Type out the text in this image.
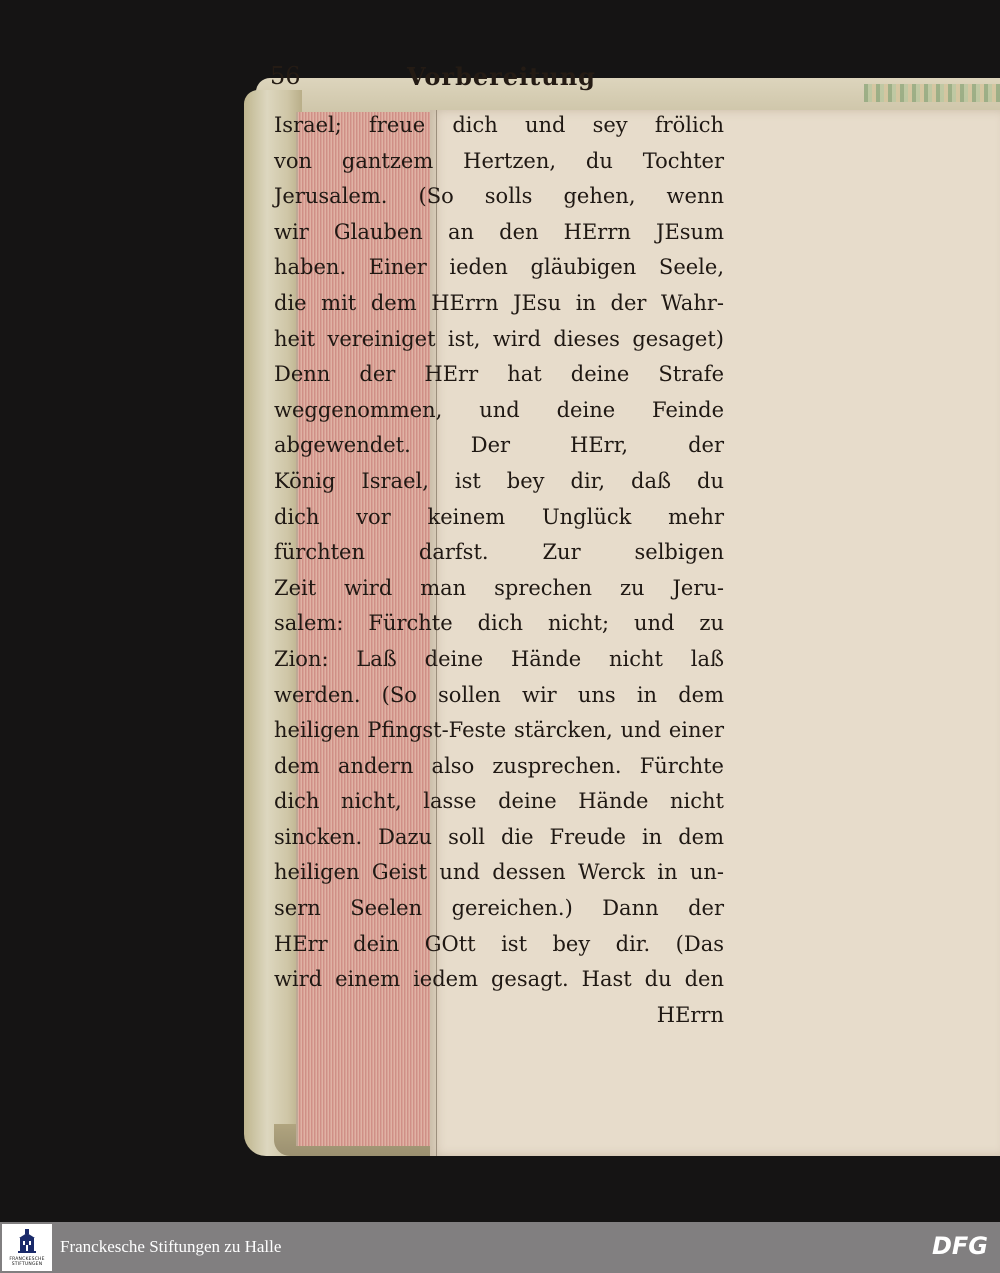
56	Vorbereitung
Israel; freue dich und sey frölich
von gantzem Hertzen, du Tochter
Jerusalem. (So solls gehen, wenn
wir Glauben an den HErrn JEsum
haben. Einer ieden gläubigen Seele,
die mit dem HErrn JEsu in der Wahr-
heit vereiniget ist, wird dieses gesaget)
Denn der HErr hat deine Strafe
weggenommen, und deine Feinde
abgewendet. Der HErr, der
König Israel, ist bey dir, daß du
dich vor keinem Unglück mehr
fürchten darfst. Zur selbigen
Zeit wird man sprechen zu Jeru-
salem: Fürchte dich nicht; und zu
Zion: Laß deine Hände nicht laß
werden. (So sollen wir uns in dem
heiligen Pfingst-Feste stärcken, und einer
dem andern also zusprechen. Fürchte
dich nicht, lasse deine Hände nicht
sincken. Dazu soll die Freude in dem
heiligen Geist und dessen Werck in un-
sern Seelen gereichen.) Dann der
HErr dein GOtt ist bey dir. (Das
wird einem iedem gesagt. Hast du den
HErrn
FRANCKESCHE STIFTUNGEN
Franckesche Stiftungen zu Halle	DFG
